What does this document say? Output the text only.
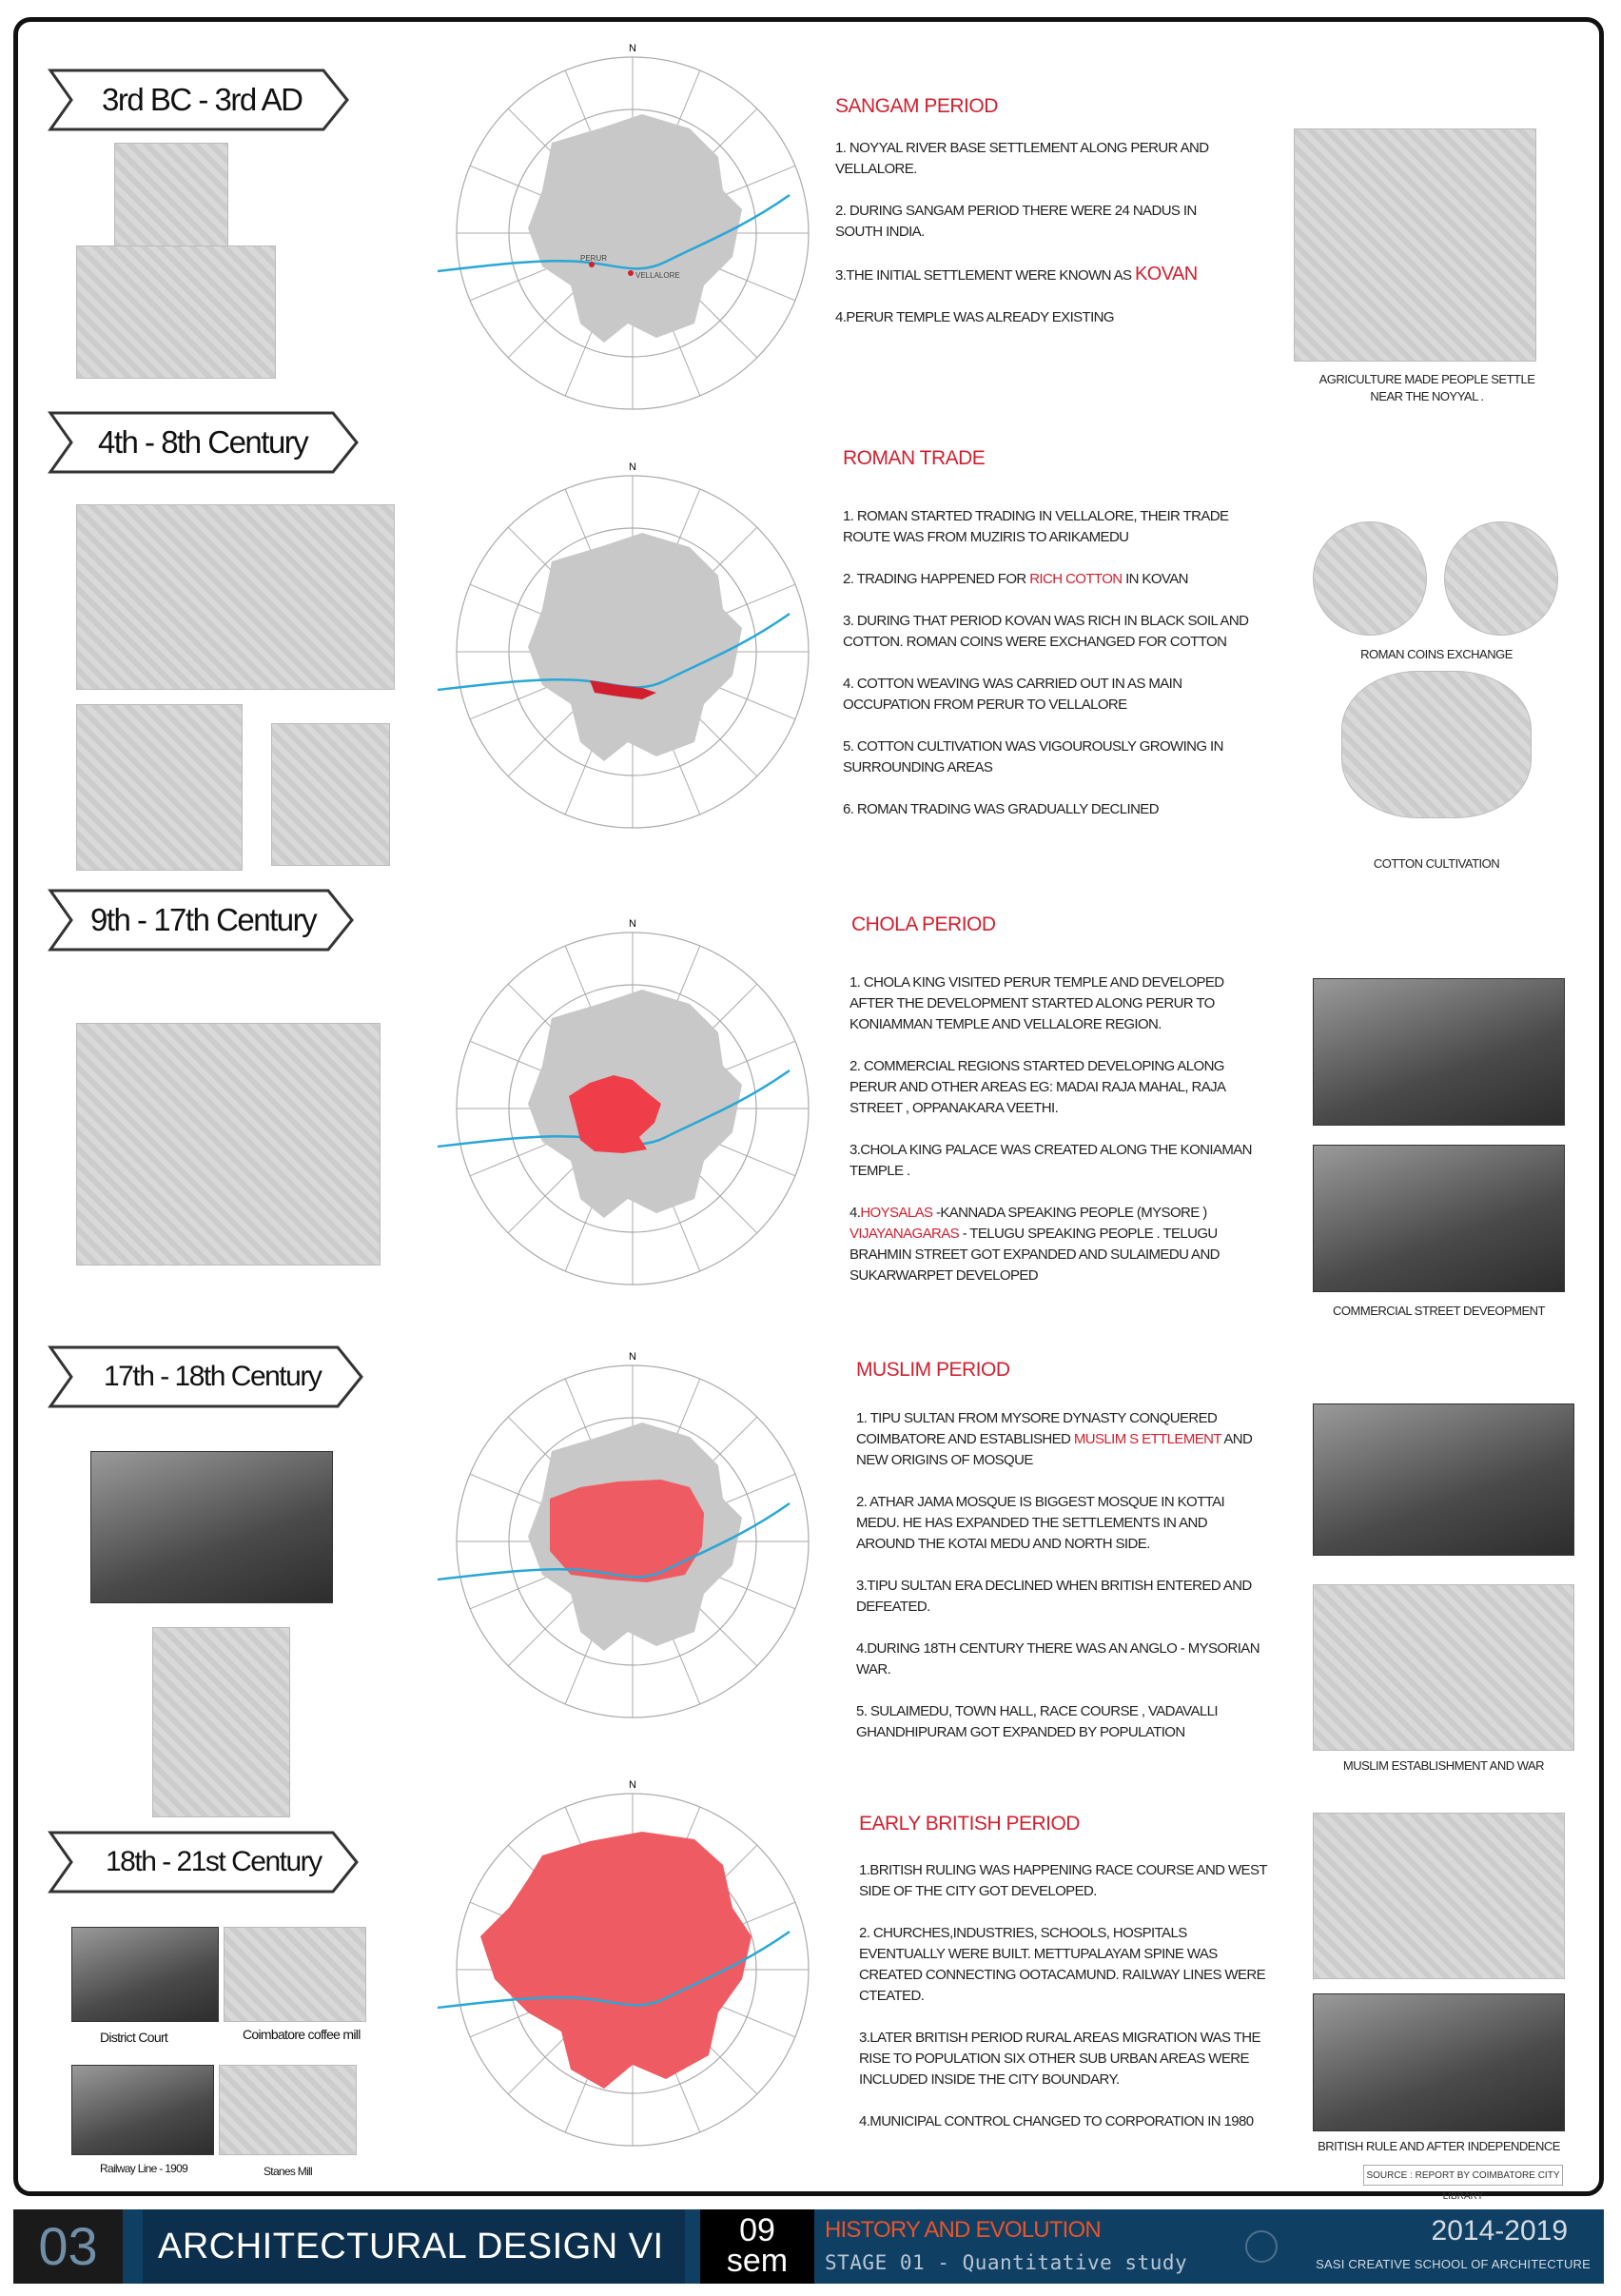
3rd BC - 3rd AD
N
PERUR
VELLALORE
SANGAM PERIOD
1. NOYYAL RIVER BASE SETTLEMENT ALONG PERUR AND VELLALORE.
2. DURING SANGAM PERIOD THERE WERE 24 NADUS IN SOUTH INDIA.
3.THE INITIAL SETTLEMENT WERE KNOWN AS KOVAN
4.PERUR TEMPLE WAS ALREADY EXISTING
AGRICULTURE MADE PEOPLE SETTLE NEAR THE NOYYAL .
4th - 8th Century
N	ROMAN TRADE
1. ROMAN STARTED TRADING IN VELLALORE, THEIR TRADE ROUTE WAS FROM MUZIRIS TO ARIKAMEDU
2. TRADING HAPPENED FOR RICH COTTON IN KOVAN
3. DURING THAT PERIOD KOVAN WAS RICH IN BLACK SOIL AND COTTON. ROMAN COINS WERE EXCHANGED FOR COTTON
4. COTTON WEAVING WAS CARRIED OUT IN AS MAIN OCCUPATION FROM PERUR TO VELLALORE
5. COTTON CULTIVATION WAS VIGOUROUSLY GROWING IN SURROUNDING AREAS
6. ROMAN TRADING WAS GRADUALLY DECLINED
ROMAN COINS EXCHANGE
COTTON CULTIVATION
9th - 17th Century	N	CHOLA PERIOD
1. CHOLA KING VISITED PERUR TEMPLE AND DEVELOPED AFTER THE DEVELOPMENT STARTED ALONG PERUR TO KONIAMMAN TEMPLE AND VELLALORE REGION.
2. COMMERCIAL REGIONS STARTED DEVELOPING ALONG PERUR AND OTHER AREAS EG: MADAI RAJA MAHAL, RAJA STREET , OPPANAKARA VEETHI.
3.CHOLA KING PALACE WAS CREATED ALONG THE KONIAMAN TEMPLE .
4.HOYSALAS -KANNADA SPEAKING PEOPLE (MYSORE ) VIJAYANAGARAS - TELUGU SPEAKING PEOPLE . TELUGU BRAHMIN STREET GOT EXPANDED AND SULAIMEDU AND SUKARWARPET DEVELOPED
COMMERCIAL STREET DEVEOPMENT
17th - 18th Century
N
MUSLIM PERIOD
1. TIPU SULTAN FROM MYSORE DYNASTY CONQUERED COIMBATORE AND ESTABLISHED MUSLIM S ETTLEMENT AND NEW ORIGINS OF MOSQUE
2. ATHAR JAMA MOSQUE IS BIGGEST MOSQUE IN KOTTAI MEDU. HE HAS EXPANDED THE SETTLEMENTS IN AND AROUND THE KOTAI MEDU AND NORTH SIDE.
3.TIPU SULTAN ERA DECLINED WHEN BRITISH ENTERED AND DEFEATED.
4.DURING 18TH CENTURY THERE WAS AN ANGLO - MYSORIAN WAR.
5. SULAIMEDU, TOWN HALL, RACE COURSE , VADAVALLI GHANDHIPURAM GOT EXPANDED BY POPULATION
MUSLIM ESTABLISHMENT AND WAR
18th - 21st Century
District Court	Coimbatore coffee mill
Railway Line - 1909	Stanes Mill
N
EARLY BRITISH PERIOD
1.BRITISH RULING WAS HAPPENING RACE COURSE AND WEST SIDE OF THE CITY GOT DEVELOPED.
2. CHURCHES,INDUSTRIES, SCHOOLS, HOSPITALS EVENTUALLY WERE BUILT. METTUPALAYAM SPINE WAS CREATED CONNECTING OOTACAMUND. RAILWAY LINES WERE CTEATED.
3.LATER BRITISH PERIOD RURAL AREAS MIGRATION WAS THE RISE TO POPULATION SIX OTHER SUB URBAN AREAS WERE INCLUDED INSIDE THE CITY BOUNDARY.
4.MUNICIPAL CONTROL CHANGED TO CORPORATION IN 1980
BRITISH RULE AND AFTER INDEPENDENCE
SOURCE : REPORT BY COIMBATORE CITY LIBRARY
03	ARCHITECTURAL DESIGN VI	09
sem
HISTORY AND EVOLUTION
STAGE 01 - Quantitative study
2014-2019
SASI CREATIVE SCHOOL OF ARCHITECTURE
